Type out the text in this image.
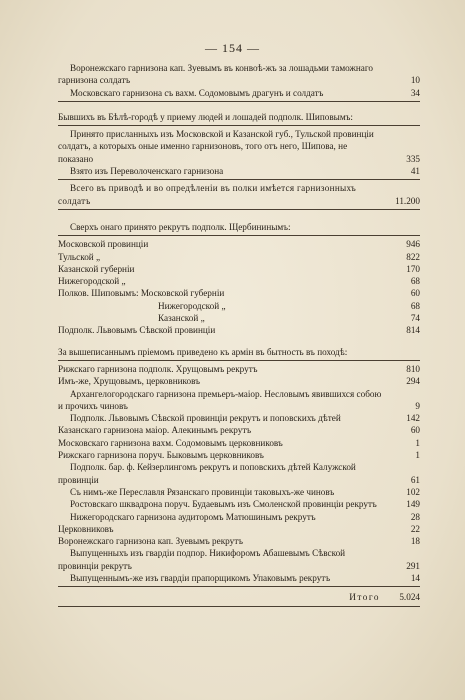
— 154 —
Воронежскаго гарнизона кап. Зуевымъ въ конвоѣ-жъ за лошадьми таможнаго гарнизона солдатъ	10
Московскаго гарнизона съ вахм. Содомовымъ драгунъ и солдатъ	34
Бывшихъ въ Бѣлѣ-городѣ у приему людей и лошадей подполк. Шиповымъ:
Принято присланныхъ изъ Московской и Казанской губ., Тульской провинціи солдатъ, а которыхъ оные именно гарнизоновъ, того отъ него, Шипова, не показано	335
Взято изъ Переволоченскаго гарнизона	41
Всего въ приводѣ и во опредѣленіи въ полки имѣется гарнизонныхъ солдатъ	11.200
Сверхъ онаго принято рекрутъ подполк. Щербининымъ:
Московской провинціи	946
Тульской „	822
Казанской губерніи	170
Нижегородской „	68
Полков. Шиповымъ: Московской губерніи	60
Нижегородской „	68
Казанской „	74
Подполк. Львовымъ Сѣвской провинціи	814
За вышеписаннымъ пріемомъ приведено къ армін въ бытность въ походѣ:
Рижскаго гарнизона подполк. Хрущовымъ рекрутъ	810
Имъ-же, Хрущовымъ, церковниковъ	294
Архангелогородскаго гарнизона премьеръ-маіор. Несловымъ явившихся собою и прочихъ чиновъ	9
Подполк. Львовымъ Сѣвской провинціи рекрутъ и поповскихъ дѣтей	142
Казанскаго гарнизона маіор. Алекинымъ рекрутъ	60
Московскаго гарнизона вахм. Содомовымъ церковниковъ	1
Рижскаго гарнизона поруч. Быковымъ церковниковъ	1
Подполк. бар. ф. Кейзерлингомъ рекрутъ и поповскихъ дѣтей Калужской провинціи	61
Съ нимъ-же Переславля Рязанскаго провинціи таковыхъ-же чиновъ	102
Ростовскаго шквадрона поруч. Будаевымъ изъ Смоленской провинціи рекрутъ	149
Нижегородскаго гарнизона аудиторомъ Матюшинымъ рекрутъ	28
Церковниковъ	22
Воронежскаго гарнизона кап. Зуевымъ рекрутъ	18
Выпущенныхъ изъ гвардіи подпор. Никифоромъ Абашевымъ Сѣвской провинціи рекрутъ	291
Выпущеннымъ-же изъ гвардіи прапорщикомъ Упаковымъ рекрутъ	14
Итого	5.024
